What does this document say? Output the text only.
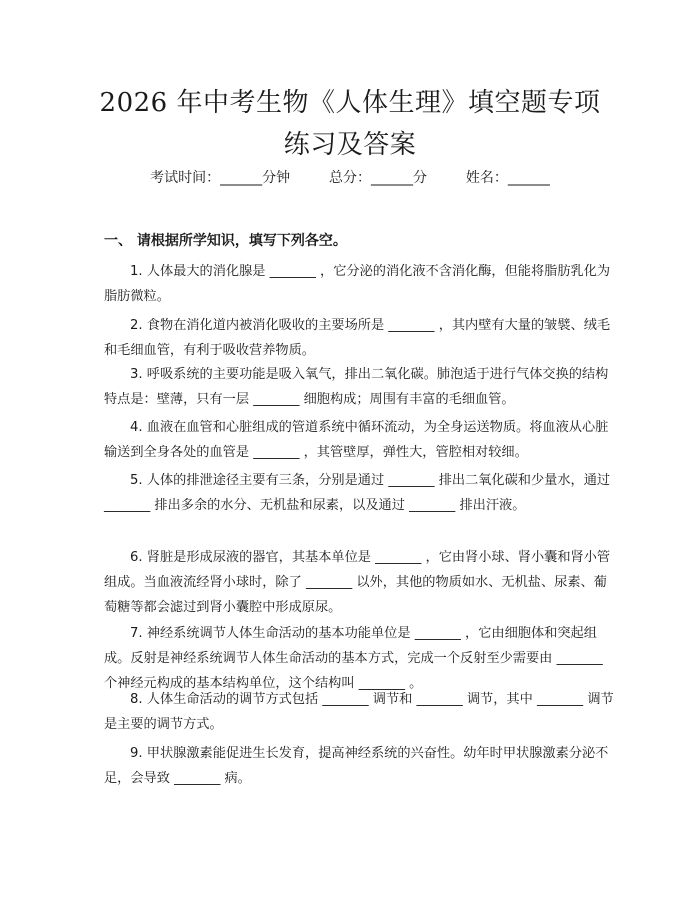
2026 年中考生物《人体生理》填空题专项练习及答案
考试时间：______分钟	总分：______分	姓名：______
一、 请根据所学知识，填写下列各空。

1. 人体最大的消化腺是 _______ ，它分泌的消化液不含消化酶，但能将脂肪乳化为脂肪微粒。

2. 食物在消化道内被消化吸收的主要场所是 _______ ，其内壁有大量的皱襞、绒毛和毛细血管，有利于吸收营养物质。

3. 呼吸系统的主要功能是吸入氧气，排出二氧化碳。肺泡适于进行气体交换的结构特点是：壁薄，只有一层 _______ 细胞构成；周围有丰富的毛细血管。

4. 血液在血管和心脏组成的管道系统中循环流动，为全身运送物质。将血液从心脏输送到全身各处的血管是 _______ ，其管壁厚，弹性大，管腔相对较细。

5. 人体的排泄途径主要有三条，分别是通过 _______ 排出二氧化碳和少量水，通过 _______ 排出多余的水分、无机盐和尿素，以及通过 _______ 排出汗液。

6. 肾脏是形成尿液的器官，其基本单位是 _______ ，它由肾小球、肾小囊和肾小管组成。当血液流经肾小球时，除了 _______ 以外，其他的物质如水、无机盐、尿素、葡萄糖等都会滤过到肾小囊腔中形成原尿。

7. 神经系统调节人体生命活动的基本功能单位是 _______ ，它由细胞体和突起组成。反射是神经系统调节人体生命活动的基本方式，完成一个反射至少需要由 _______ 个神经元构成的基本结构单位，这个结构叫 _______ 。

8. 人体生命活动的调节方式包括 _______ 调节和 _______ 调节，其中 _______ 调节是主要的调节方式。

9. 甲状腺激素能促进生长发育，提高神经系统的兴奋性。幼年时甲状腺激素分泌不足，会导致 _______ 病。
